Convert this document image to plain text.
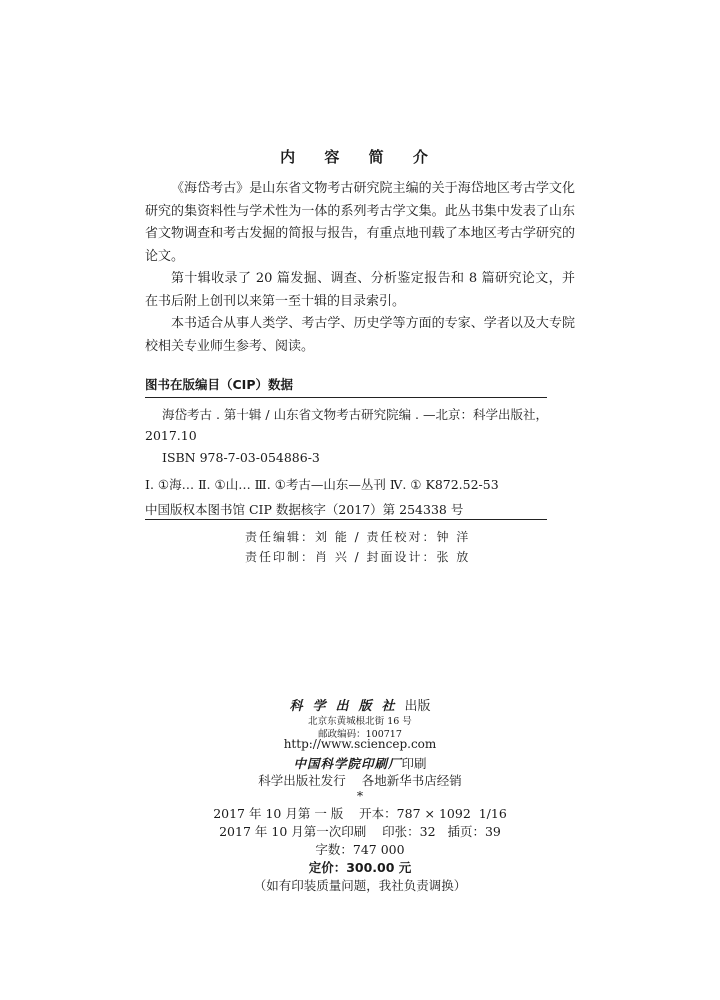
内 容 简 介

《海岱考古》是山东省文物考古研究院主编的关于海岱地区考古学文化研究的集资料性与学术性为一体的系列考古学文集。此丛书集中发表了山东省文物调查和考古发掘的简报与报告，有重点地刊载了本地区考古学研究的论文。

第十辑收录了 20 篇发掘、调查、分析鉴定报告和 8 篇研究论文，并在书后附上创刊以来第一至十辑的目录索引。

本书适合从事人类学、考古学、历史学等方面的专家、学者以及大专院校相关专业师生参考、阅读。

图书在版编目（CIP）数据
海岱考古 . 第十辑 / 山东省文物考古研究院编 . —北京：科学出版社，
2017.10
ISBN 978-7-03-054886-3
Ⅰ. ①海… Ⅱ. ①山… Ⅲ. ①考古—山东—丛刊 Ⅳ. ① K872.52-53
中国版权本图书馆 CIP 数据核字（2017）第 254338 号
责任编辑：刘 能 / 责任校对：钟 洋
责任印制：肖 兴 / 封面设计：张 放
科学出版社出版
北京东黄城根北街 16 号
邮政编码：100717
http://www.sciencep.com
中国科学院印刷厂印刷
科学出版社发行    各地新华书店经销
*
2017 年 10 月第 一 版    开本：787 × 1092  1/16
2017 年 10 月第一次印刷    印张：32   插页：39
字数：747 000
定价：300.00 元
（如有印装质量问题，我社负责调换）
